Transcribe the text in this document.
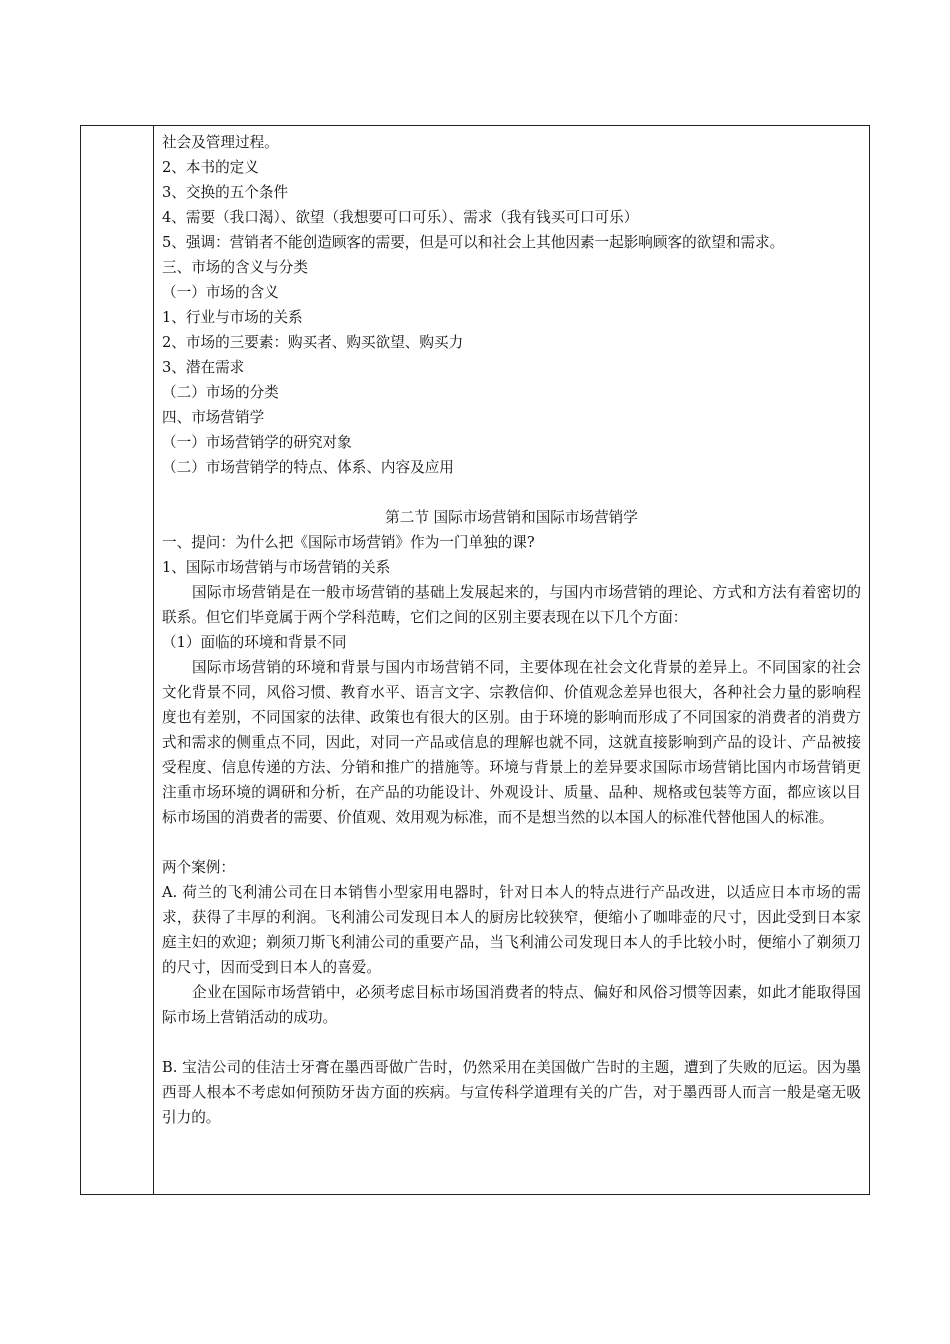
社会及管理过程。
2、本书的定义
3、交换的五个条件
4、需要（我口渴）、欲望（我想要可口可乐）、需求（我有钱买可口可乐）
5、强调：营销者不能创造顾客的需要，但是可以和社会上其他因素一起影响顾客的欲望和需求。
三、市场的含义与分类
（一）市场的含义
1、行业与市场的关系
2、市场的三要素：购买者、购买欲望、购买力
3、潜在需求
（二）市场的分类
四、市场营销学
（一）市场营销学的研究对象
（二）市场营销学的特点、体系、内容及应用
第二节 国际市场营销和国际市场营销学
一、提问：为什么把《国际市场营销》作为一门单独的课?
1、国际市场营销与市场营销的关系
国际市场营销是在一般市场营销的基础上发展起来的，与国内市场营销的理论、方式和方法有着密切的联系。但它们毕竟属于两个学科范畴，它们之间的区别主要表现在以下几个方面：
（1）面临的环境和背景不同
国际市场营销的环境和背景与国内市场营销不同，主要体现在社会文化背景的差异上。不同国家的社会文化背景不同，风俗习惯、教育水平、语言文字、宗教信仰、价值观念差异也很大，各种社会力量的影响程度也有差别，不同国家的法律、政策也有很大的区别。由于环境的影响而形成了不同国家的消费者的消费方式和需求的侧重点不同，因此，对同一产品或信息的理解也就不同，这就直接影响到产品的设计、产品被接受程度、信息传递的方法、分销和推广的措施等。环境与背景上的差异要求国际市场营销比国内市场营销更注重市场环境的调研和分析，在产品的功能设计、外观设计、质量、品种、规格或包装等方面，都应该以目标市场国的消费者的需要、价值观、效用观为标准，而不是想当然的以本国人的标准代替他国人的标准。
两个案例：
A. 荷兰的飞利浦公司在日本销售小型家用电器时，针对日本人的特点进行产品改进，以适应日本市场的需求，获得了丰厚的利润。飞利浦公司发现日本人的厨房比较狭窄，便缩小了咖啡壶的尺寸，因此受到日本家庭主妇的欢迎；剃须刀斯飞利浦公司的重要产品，当飞利浦公司发现日本人的手比较小时，便缩小了剃须刀的尺寸，因而受到日本人的喜爱。
企业在国际市场营销中，必须考虑目标市场国消费者的特点、偏好和风俗习惯等因素，如此才能取得国际市场上营销活动的成功。
B. 宝洁公司的佳洁士牙膏在墨西哥做广告时，仍然采用在美国做广告时的主题，遭到了失败的厄运。因为墨西哥人根本不考虑如何预防牙齿方面的疾病。与宣传科学道理有关的广告，对于墨西哥人而言一般是毫无吸引力的。
